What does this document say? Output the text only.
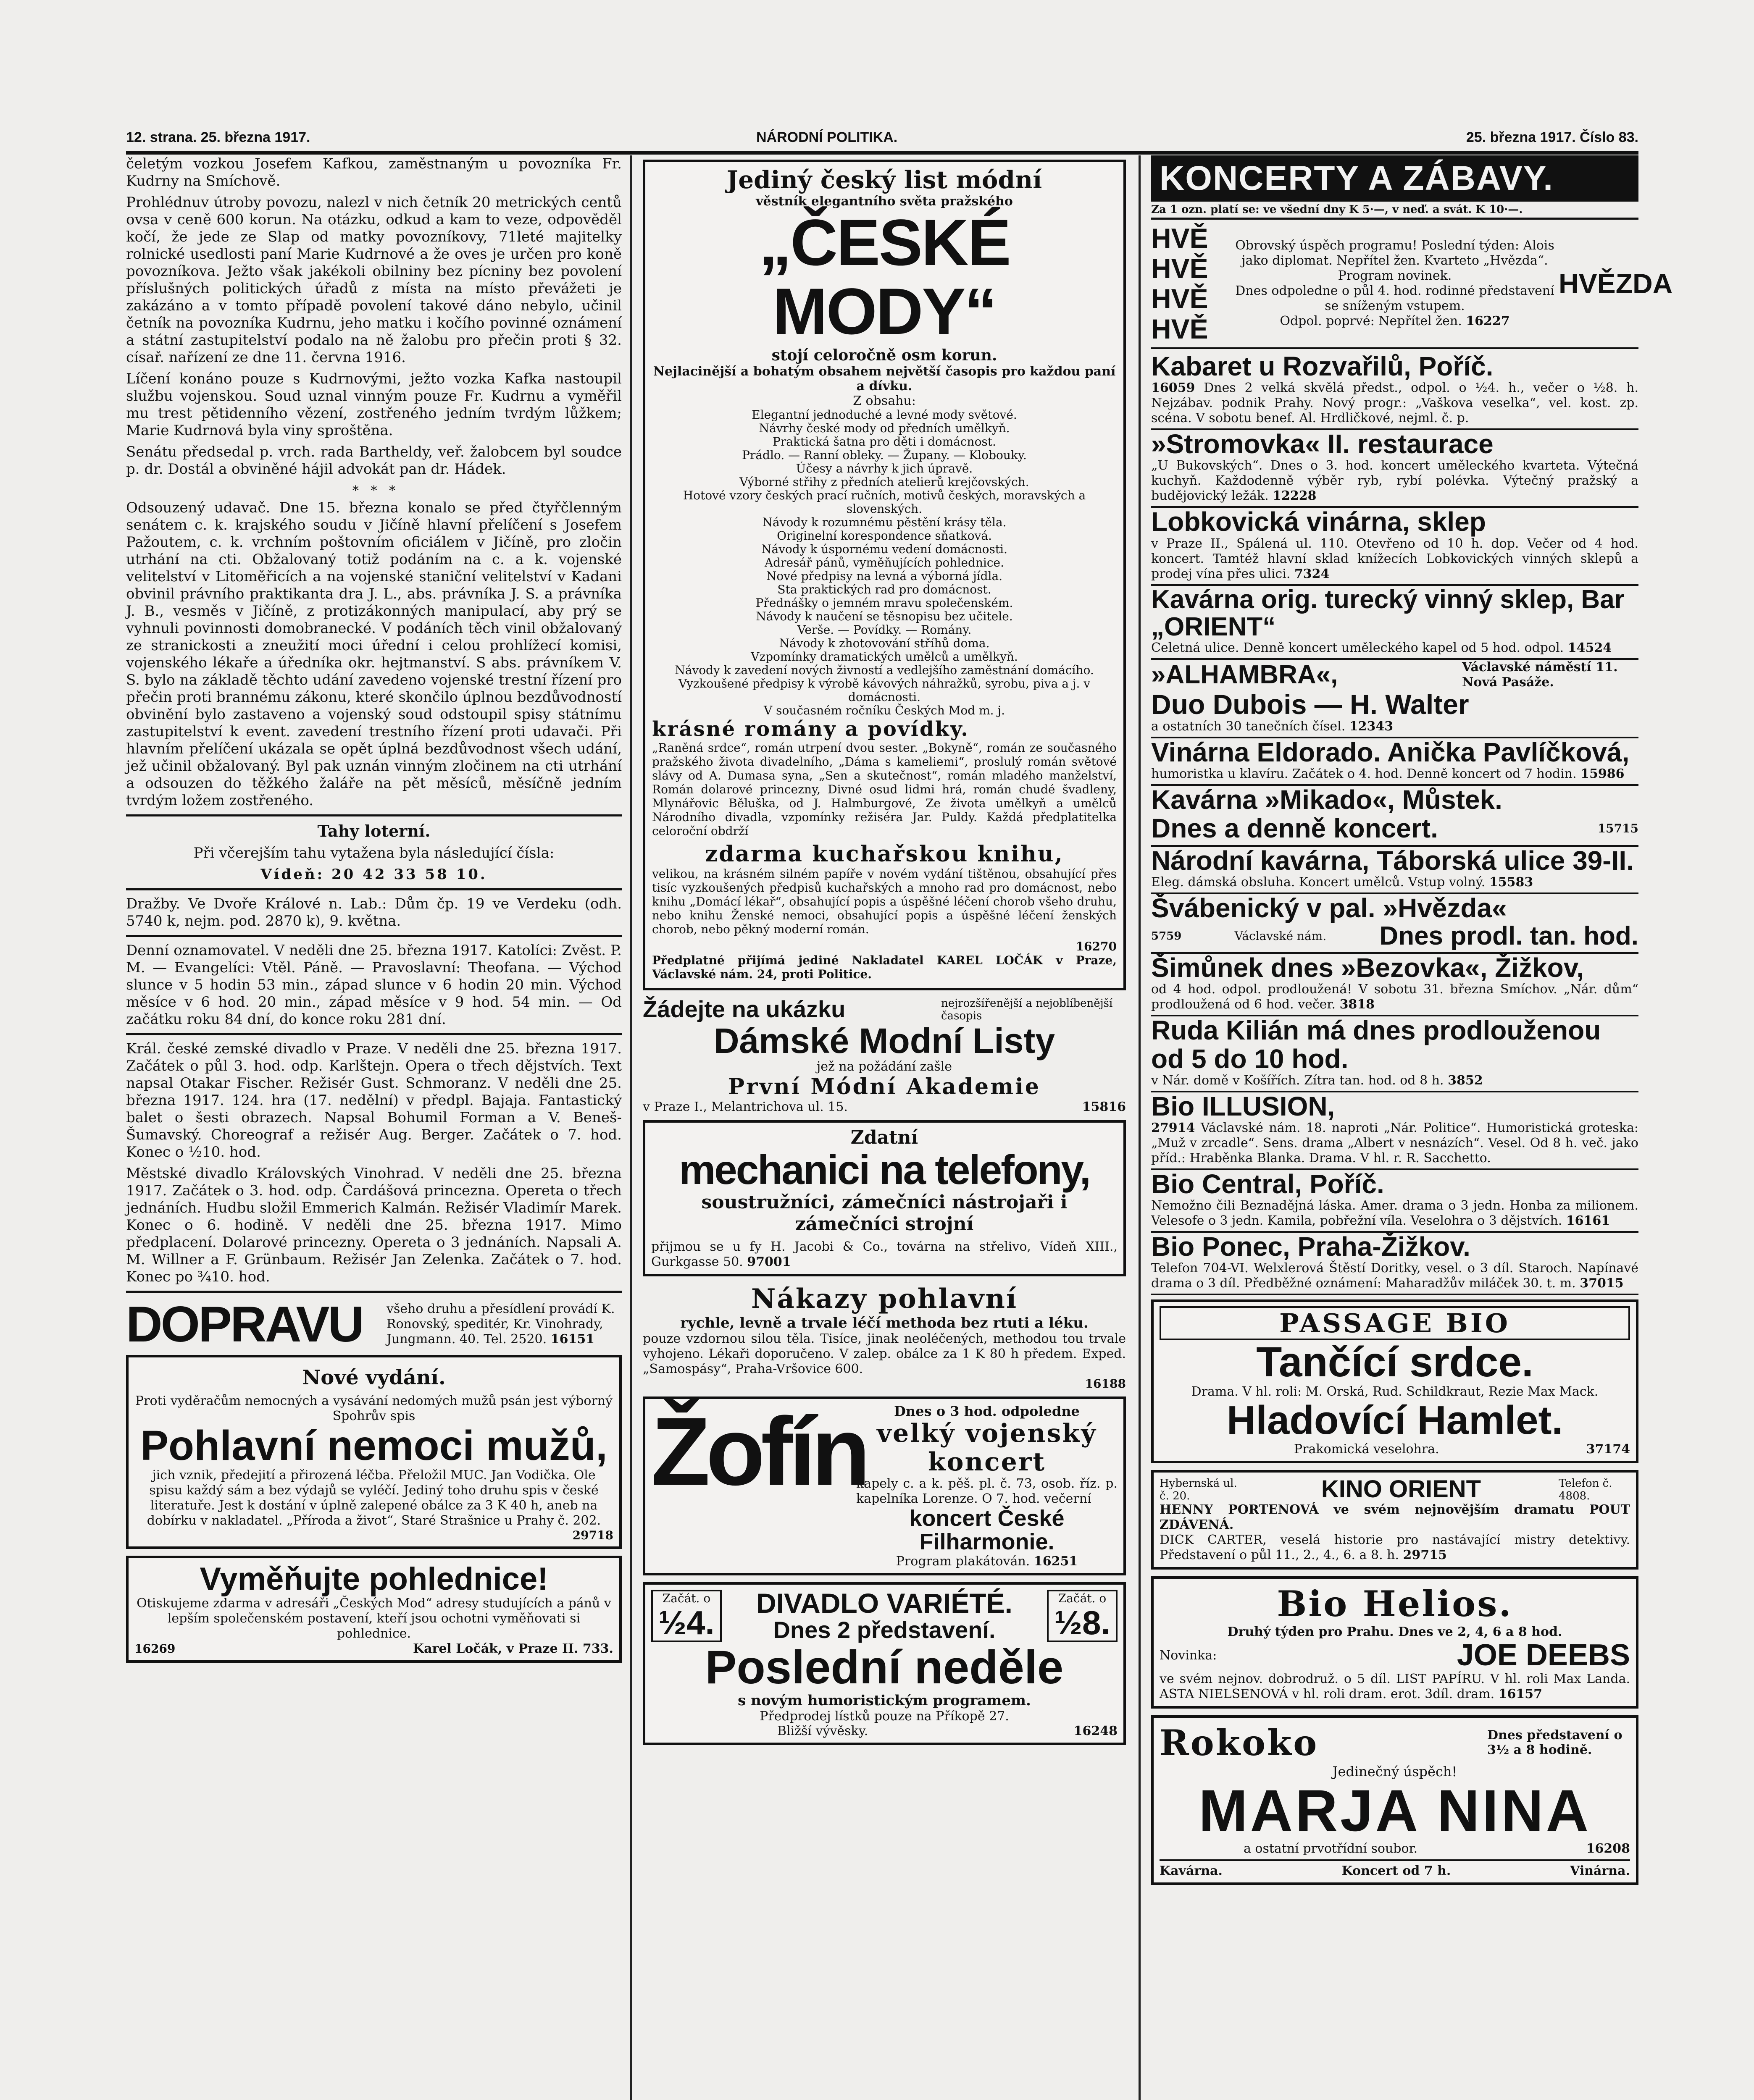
12. strana. 25. března 1917.	NÁRODNÍ POLITIKA.	25. března 1917. Číslo 83.

čeletým vozkou Josefem Kafkou, zaměstnaným u povozníka Fr. Kudrny na Smíchově.

Prohlédnuv útroby povozu, nalezl v nich četník 20 metrických centů ovsa v ceně 600 korun. Na otázku, odkud a kam to veze, odpověděl kočí, že jede ze Slap od matky povozníkovy, 71leté majitelky rolnické usedlosti paní Marie Kudrnové a že oves je určen pro koně povozníkova. Ježto však jakékoli obilniny bez pícniny bez povolení příslušných politických úřadů z místa na místo převážeti je zakázáno a v tomto případě povolení takové dáno nebylo, učinil četník na povozníka Kudrnu, jeho matku i kočího povinné oznámení a státní zastupitelství podalo na ně žalobu pro přečin proti § 32. císař. nařízení ze dne 11. června 1916.

Líčení konáno pouze s Kudrnovými, ježto vozka Kafka nastoupil službu vojenskou. Soud uznal vinným pouze Fr. Kudrnu a vyměřil mu trest pětidenního vězení, zostřeného jedním tvrdým lůžkem; Marie Kudrnová byla viny sproštěna.

Senátu předsedal p. vrch. rada Bartheldy, veř. žalobcem byl soudce p. dr. Dostál a obviněné hájil advokát pan dr. Hádek.

*   *   *

Odsouzený udavač. Dne 15. března konalo se před čtyřčlenným senátem c. k. krajského soudu v Jičíně hlavní přelíčení s Josefem Pažoutem, c. k. vrchním poštovním oficiálem v Jičíně, pro zločin utrhání na cti. Obžalovaný totiž podáním na c. a k. vojenské velitelství v Litoměřicích a na vojenské staniční velitelství v Kadani obvinil právního praktikanta dra J. L., abs. právníka J. S. a právníka J. B., vesměs v Jičíně, z protizákonných manipulací, aby prý se vyhnuli povinnosti domobranecké. V podáních těch vinil obžalovaný ze stranickosti a zneužití moci úřední i celou prohlížecí komisi, vojenského lékaře a úředníka okr. hejtmanství. S abs. právníkem V. S. bylo na základě těchto udání zavedeno vojenské trestní řízení pro přečin proti brannému zákonu, které skončilo úplnou bezdůvodností obvinění bylo zastaveno a vojenský soud odstoupil spisy státnímu zastupitelství k event. zavedení trestního řízení proti udavači. Při hlavním přelíčení ukázala se opět úplná bezdůvodnost všech udání, jež učinil obžalovaný. Byl pak uznán vinným zločinem na cti utrhání a odsouzen do těžkého žaláře na pět měsíců, měsíčně jedním tvrdým ložem zostřeného.

Tahy loterní.

Při včerejším tahu vytažena byla následující čísla:

Vídeň: 20 42 33 58 10.

Dražby. Ve Dvoře Králové n. Lab.: Dům čp. 19 ve Verdeku (odh. 5740 k, nejm. pod. 2870 k), 9. května.

Denní oznamovatel. V neděli dne 25. března 1917. Katolíci: Zvěst. P. M. — Evangelíci: Vtěl. Páně. — Pravoslavní: Theofana. — Východ slunce v 5 hodin 53 min., západ slunce v 6 hodin 20 min. Východ měsíce v 6 hod. 20 min., západ měsíce v 9 hod. 54 min. — Od začátku roku 84 dní, do konce roku 281 dní.

Král. české zemské divadlo v Praze. V neděli dne 25. března 1917. Začátek o půl 3. hod. odp. Karlštejn. Opera o třech dějstvích. Text napsal Otakar Fischer. Režisér Gust. Schmoranz. V neděli dne 25. března 1917. 124. hra (17. nedělní) v předpl. Bajaja. Fantastický balet o šesti obrazech. Napsal Bohumil Forman a V. Beneš-Šumavský. Choreograf a režisér Aug. Berger. Začátek o 7. hod. Konec o ½10. hod.

Městské divadlo Královských Vinohrad. V neděli dne 25. března 1917. Začátek o 3. hod. odp. Čardášová princezna. Opereta o třech jednáních. Hudbu složil Emmerich Kalmán. Režisér Vladimír Marek. Konec o 6. hodině. V neděli dne 25. března 1917. Mimo předplacení. Dolarové princezny. Opereta o 3 jednáních. Napsali A. M. Willner a F. Grünbaum. Režisér Jan Zelenka. Začátek o 7. hod. Konec po ¾10. hod.

DOPRAVU všeho druhu a přesídlení provádí K. Ronovský, speditér, Kr. Vinohrady, Jungmann. 40. Tel. 2520. 16151
Nové vydání.

Proti vyděračům nemocných a vysávání nedomých mužů psán jest výborný Spohrův spis

Pohlavní nemoci mužů,

jich vznik, předejití a přirozená léčba. Přeložil MUC. Jan Vodička. Ole spisu každý sám a bez výdajů se vyléčí. Jediný toho druhu spis v české literatuře. Jest k dostání v úplně zalepené obálce za 3 K 40 h, aneb na dobírku v nakladatel. „Příroda a život“, Staré Strašnice u Prahy č. 202.

29718
Vyměňujte pohlednice!

Otiskujeme zdarma v adresáři „Českých Mod“ adresy studujících a pánů v lepším společenském postavení, kteří jsou ochotni vyměňovati si pohlednice.

16269	Karel Ločák, v Praze II. 733.
Jediný český list módní
věstník elegantního světa pražského
„ČESKÉ MODY“
stojí celoročně osm korun.
Nejlacinější a bohatým obsahem největší časopis pro každou paní a dívku.
Z obsahu:
Elegantní jednoduché a levné mody světové.
Návrhy české mody od předních umělkyň.
Praktická šatna pro děti i domácnost.
Prádlo. — Ranní obleky. — Župany. — Klobouky.
Účesy a návrhy k jich úpravě.
Výborné střihy z předních atelierů krejčovských.
Hotové vzory českých prací ručních, motivů českých, moravských a slovenských.
Návody k rozumnému pěstění krásy těla.
Originelní korespondence sňatková.
Návody k úspornému vedení domácnosti.
Adresář pánů, vyměňujících pohlednice.
Nové předpisy na levná a výborná jídla.
Sta praktických rad pro domácnost.
Přednášky o jemném mravu společenském.
Návody k naučení se těsnopisu bez učitele.
Verše. — Povídky. — Romány.
Návody k zhotovování stříhů doma.
Vzpomínky dramatických umělců a umělkyň.
Návody k zavedení nových živností a vedlejšího zaměstnání domácího.
Vyzkoušené předpisy k výrobě kávových náhražků, syrobu, piva a j. v domácnosti.
V současném ročníku Českých Mod m. j.
krásné romány a povídky.

„Raněná srdce“, román utrpení dvou sester. „Bokyně“, román ze současného pražského života divadelního, „Dáma s kameliemi“, proslulý román světové slávy od A. Dumasa syna, „Sen a skutečnost“, román mladého manželství, Román dolarové princezny, Divné osud lidmi hrá, román chudé švadleny, Mlynářovic Běluška, od J. Halmburgové, Ze života umělkyň a umělců Národního divadla, vzpomínky režiséra Jar. Puldy. Každá předplatitelka celoroční obdrží

zdarma kuchařskou knihu,

velikou, na krásném silném papíře v novém vydání tištěnou, obsahující přes tisíc vyzkoušených předpisů kuchařských a mnoho rad pro domácnost, nebo knihu „Domácí lékař“, obsahující popis a úspěšné léčení chorob všeho druhu, nebo knihu Ženské nemoci, obsahující popis a úspěšné léčení ženských chorob, nebo pěkný moderní román.

16270

Předplatné přijímá jediné Nakladatel KAREL LOČÁK v Praze, Václavské nám. 24, proti Politice.

Žádejte na ukázku	nejrozšířenější a nejoblíbenější časopis
Dámské Modní Listy
jež na požádání zašle
První Módní Akademie
v Praze I., Melantrichova ul. 15.	15816
Zdatní
mechanici na telefony,
soustružníci, zámečníci nástrojaři i zámečníci strojní

přijmou se u fy H. Jacobi & Co., továrna na střelivo, Vídeň XIII., Gurkgasse 50. 97001

Nákazy pohlavní
rychle, levně a trvale léčí methoda bez rtuti a léku.

pouze vzdornou silou těla. Tisíce, jinak neoléčených, methodou tou trvale vyhojeno. Lékaři doporučeno. V zalep. obálce za 1 K 80 h předem. Exped. „Samospásy“, Praha-Vršovice 600.

16188
Žofín	Dnes o 3 hod. odpoledne
velký vojenský koncert

kapely c. a k. pěš. pl. č. 73, osob. říz. p. kapelníka Lorenze. O 7. hod. večerní

koncert České Filharmonie.
Program plakátován. 16251
Začát. o
½4.
DIVADLO VARIÉTÉ.
Dnes 2 představení.
Začát. o
½8.
Poslední neděle
s novým humoristickým programem.
Předprodej lístků pouze na Příkopě 27.
Bližší vývěsky.	16248
KONCERTY A ZÁBAVY.
Za 1 ozn. platí se: ve všední dny K 5·—, v neď. a svát. K 10·—.
HVĚ
HVĚ
HVĚ
HVĚ

Obrovský úspěch programu! Poslední týden: Alois jako diplomat. Nepřítel žen. Kvarteto „Hvězda“. Program novinek.

Dnes odpoledne o půl 4. hod. rodinné představení se sníženým vstupem.

Odpol. poprvé: Nepřítel žen. 16227

HVĚZDA
Kabaret u Rozvařilů, Poříč.

16059 Dnes 2 velká skvělá předst., odpol. o ½4. h., večer o ½8. h. Nejzábav. podnik Prahy. Nový progr.: „Vaškova veselka“, vel. kost. zp. scéna. V sobotu benef. Al. Hrdličkové, nejml. č. p.

»Stromovka« II. restaurace

„U Bukovských“. Dnes o 3. hod. koncert uměleckého kvarteta. Výtečná kuchyň. Každodenně výběr ryb, rybí polévka. Výtečný pražský a budějovický ležák. 12228

Lobkovická vinárna, sklep

v Praze II., Spálená ul. 110. Otevřeno od 10 h. dop. Večer od 4 hod. koncert. Tamtéž hlavní sklad knížecích Lobkovických vinných sklepů a prodej vína přes ulici. 7324

Kavárna orig. turecký vinný sklep, Bar „ORIENT“

Celetná ulice. Denně koncert uměleckého kapel od 5 hod. odpol. 14524

»ALHAMBRA«,	Václavské náměstí 11. Nová Pasáže.
Duo Dubois — H. Walter

a ostatních 30 tanečních čísel. 12343

Vinárna Eldorado. Anička Pavlíčková,

humoristka u klavíru. Začátek o 4. hod. Denně koncert od 7 hodin. 15986

Kavárna »Mikado«, Můstek.
Dnes a denně koncert.	15715
Národní kavárna, Táborská ulice 39-II.

Eleg. dámská obsluha. Koncert umělců. Vstup volný. 15583

Švábenický v pal. »Hvězda«
5759	Václavské nám. Dnes prodl. tan. hod.
Šimůnek dnes »Bezovka«, Žižkov,

od 4 hod. odpol. prodloužená! V sobotu 31. března Smíchov. „Nár. dům“ prodloužená od 6 hod. večer. 3818

Ruda Kilián má dnes prodlouženou od 5 do 10 hod.

v Nár. domě v Košířích. Zítra tan. hod. od 8 h. 3852

Bio ILLUSION,

27914 Václavské nám. 18. naproti „Nár. Politice“. Humoristická groteska: „Muž v zrcadle“. Sens. drama „Albert v nesnázích“. Vesel. Od 8 h. več. jako příd.: Hraběnka Blanka. Drama. V hl. r. R. Sacchetto.

Bio Central, Poříč.

Nemožno čili Beznadějná láska. Amer. drama o 3 jedn. Honba za milionem. Velesofe o 3 jedn. Kamila, pobřežní víla. Veselohra o 3 dějstvích. 16161

Bio Ponec, Praha-Žižkov.

Telefon 704-VI. Welxlerová Štěstí Doritky, vesel. o 3 díl. Staroch. Napínavé drama o 3 díl. Předběžné oznámení: Maharadžův miláček 30. t. m. 37015

PASSAGE BIO
Tančící srdce.

Drama. V hl. roli: M. Orská, Rud. Schildkraut, Rezie Max Mack.

Hladovící Hamlet.
Prakomická veselohra.	37174
Hybernská ul. č. 20.	KINO ORIENT	Telefon č. 4808.

HENNY PORTENOVÁ ve svém nejnovějším dramatu POUT ZDÁVENÁ.

DICK CARTER, veselá historie pro nastávající mistry detektivy. Představení o půl 11., 2., 4., 6. a 8. h. 29715

Bio Helios.

Druhý týden pro Prahu. Dnes ve 2, 4, 6 a 8 hod.

Novinka:	JOE DEEBS

ve svém nejnov. dobrodruž. o 5 díl. LIST PAPÍRU. V hl. roli Max Landa. ASTA NIELSENOVÁ v hl. roli dram. erot. 3díl. dram. 16157

Rokoko	Dnes představení o 3½ a 8 hodině.
Jedinečný úspěch!
MARJA NINA
a ostatní prvotřídní soubor.	16208
Kavárna.	Koncert od 7 h.	Vinárna.
